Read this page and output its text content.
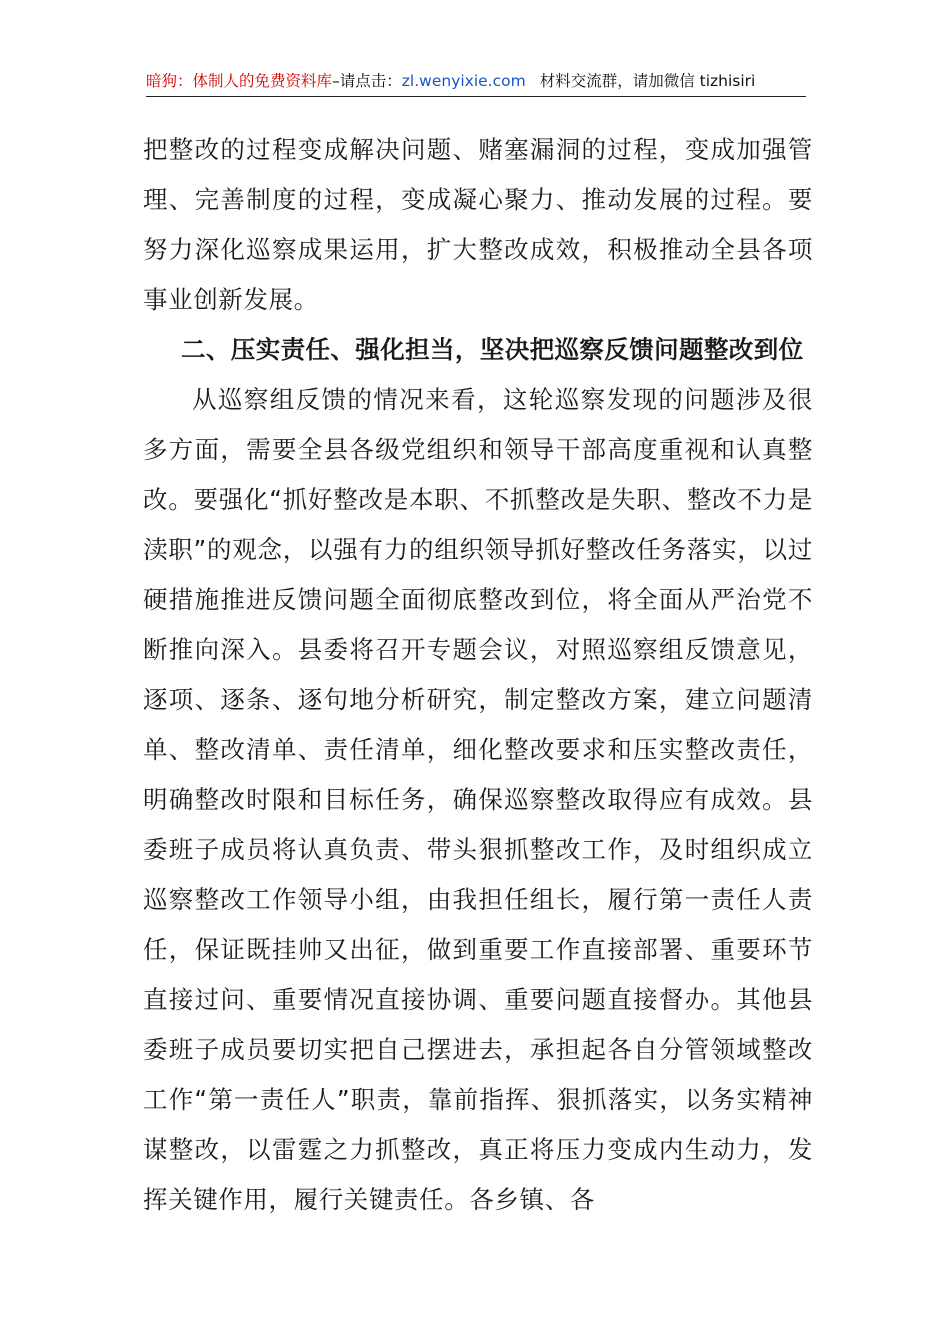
暗狗：体制人的免费资料库–请点击：zl.wenyixie.com 材料交流群，请加微信 tizhisiri

把整改的过程变成解决问题、赌塞漏洞的过程，变成加强管理、完善制度的过程，变成凝心聚力、推动发展的过程。要努力深化巡察成果运用，扩大整改成效，积极推动全县各项事业创新发展。

二、压实责任、强化担当，坚决把巡察反馈问题整改到位

从巡察组反馈的情况来看，这轮巡察发现的问题涉及很多方面，需要全县各级党组织和领导干部高度重视和认真整改。要强化“抓好整改是本职、不抓整改是失职、整改不力是渎职”的观念，以强有力的组织领导抓好整改任务落实，以过硬措施推进反馈问题全面彻底整改到位，将全面从严治党不断推向深入。县委将召开专题会议，对照巡察组反馈意见，逐项、逐条、逐句地分析研究，制定整改方案，建立问题清单、整改清单、责任清单，细化整改要求和压实整改责任，明确整改时限和目标任务，确保巡察整改取得应有成效。县委班子成员将认真负责、带头狠抓整改工作，及时组织成立巡察整改工作领导小组，由我担任组长，履行第一责任人责任，保证既挂帅又出征，做到重要工作直接部署、重要环节直接过问、重要情况直接协调、重要问题直接督办。其他县委班子成员要切实把自己摆进去，承担起各自分管领域整改工作“第一责任人”职责，靠前指挥、狠抓落实，以务实精神谋整改，以雷霆之力抓整改，真正将压力变成内生动力，发挥关键作用，履行关键责任。各乡镇、各
